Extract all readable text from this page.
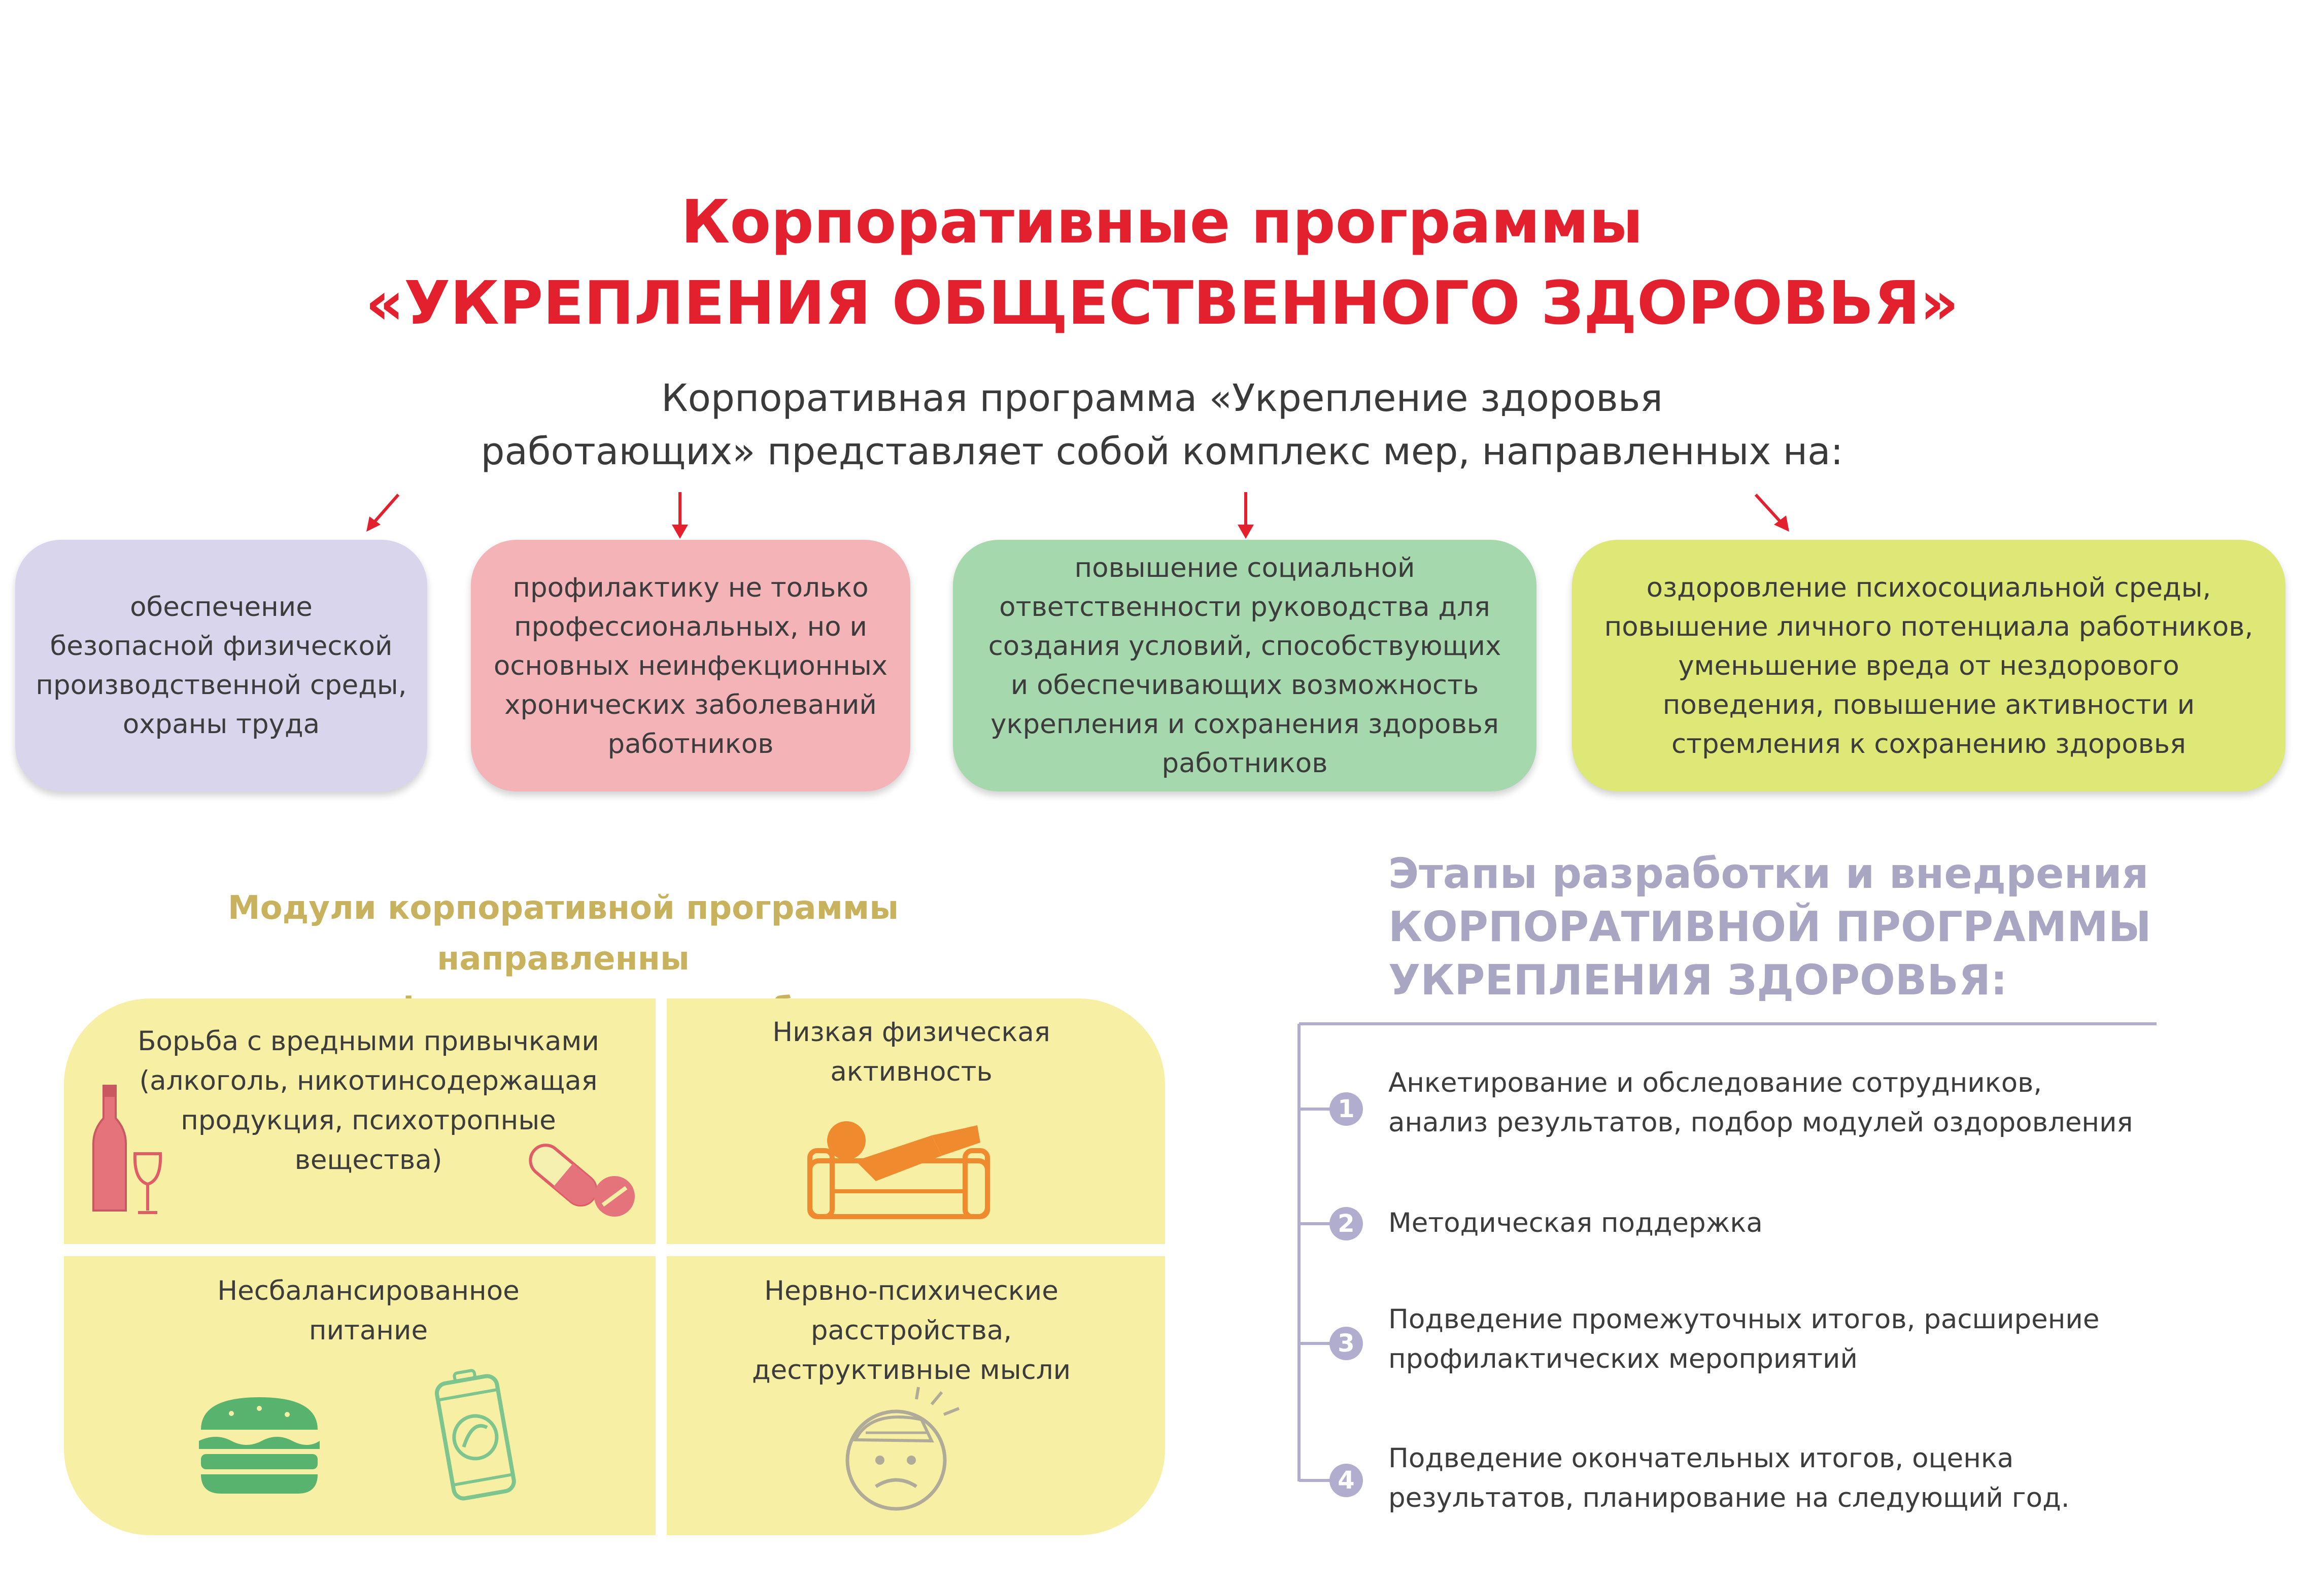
Корпоративные программы
«УКРЕПЛЕНИЯ ОБЩЕСТВЕННОГО ЗДОРОВЬЯ»
Корпоративная программа «Укрепление здоровья
работающих» представляет собой комплекс мер, направленных на:
обеспечение
безопасной физической
производственной среды,
охраны труда
профилактику не только
профессиональных, но и
основных неинфекционных
хронических заболеваний
работников
повышение социальной
ответственности руководства для
создания условий, способствующих
и обеспечивающих возможность
укрепления и сохранения здоровья
работников
оздоровление психосоциальной среды,
повышение личного потенциала работников,
уменьшение вреда от нездорового
поведения, повышение активности и
стремления к сохранению здоровья
Модули корпоративной программы направленны
Борьба с вредными привычками
(алкоголь, никотинсодержащая
продукция, психотропные
вещества)
Низкая физическая
активность
Несбалансированное
питание
Нервно-психические
расстройства,
деструктивные мысли
Этапы разработки и внедрения
КОРПОРАТИВНОЙ ПРОГРАММЫ
УКРЕПЛЕНИЯ ЗДОРОВЬЯ:
1
Анкетирование и обследование сотрудников,
анализ результатов, подбор модулей оздоровления
2	Методическая поддержка
3
Подведение промежуточных итогов, расширение
профилактических мероприятий
4
Подведение окончательных итогов, оценка
результатов, планирование на следующий год.
